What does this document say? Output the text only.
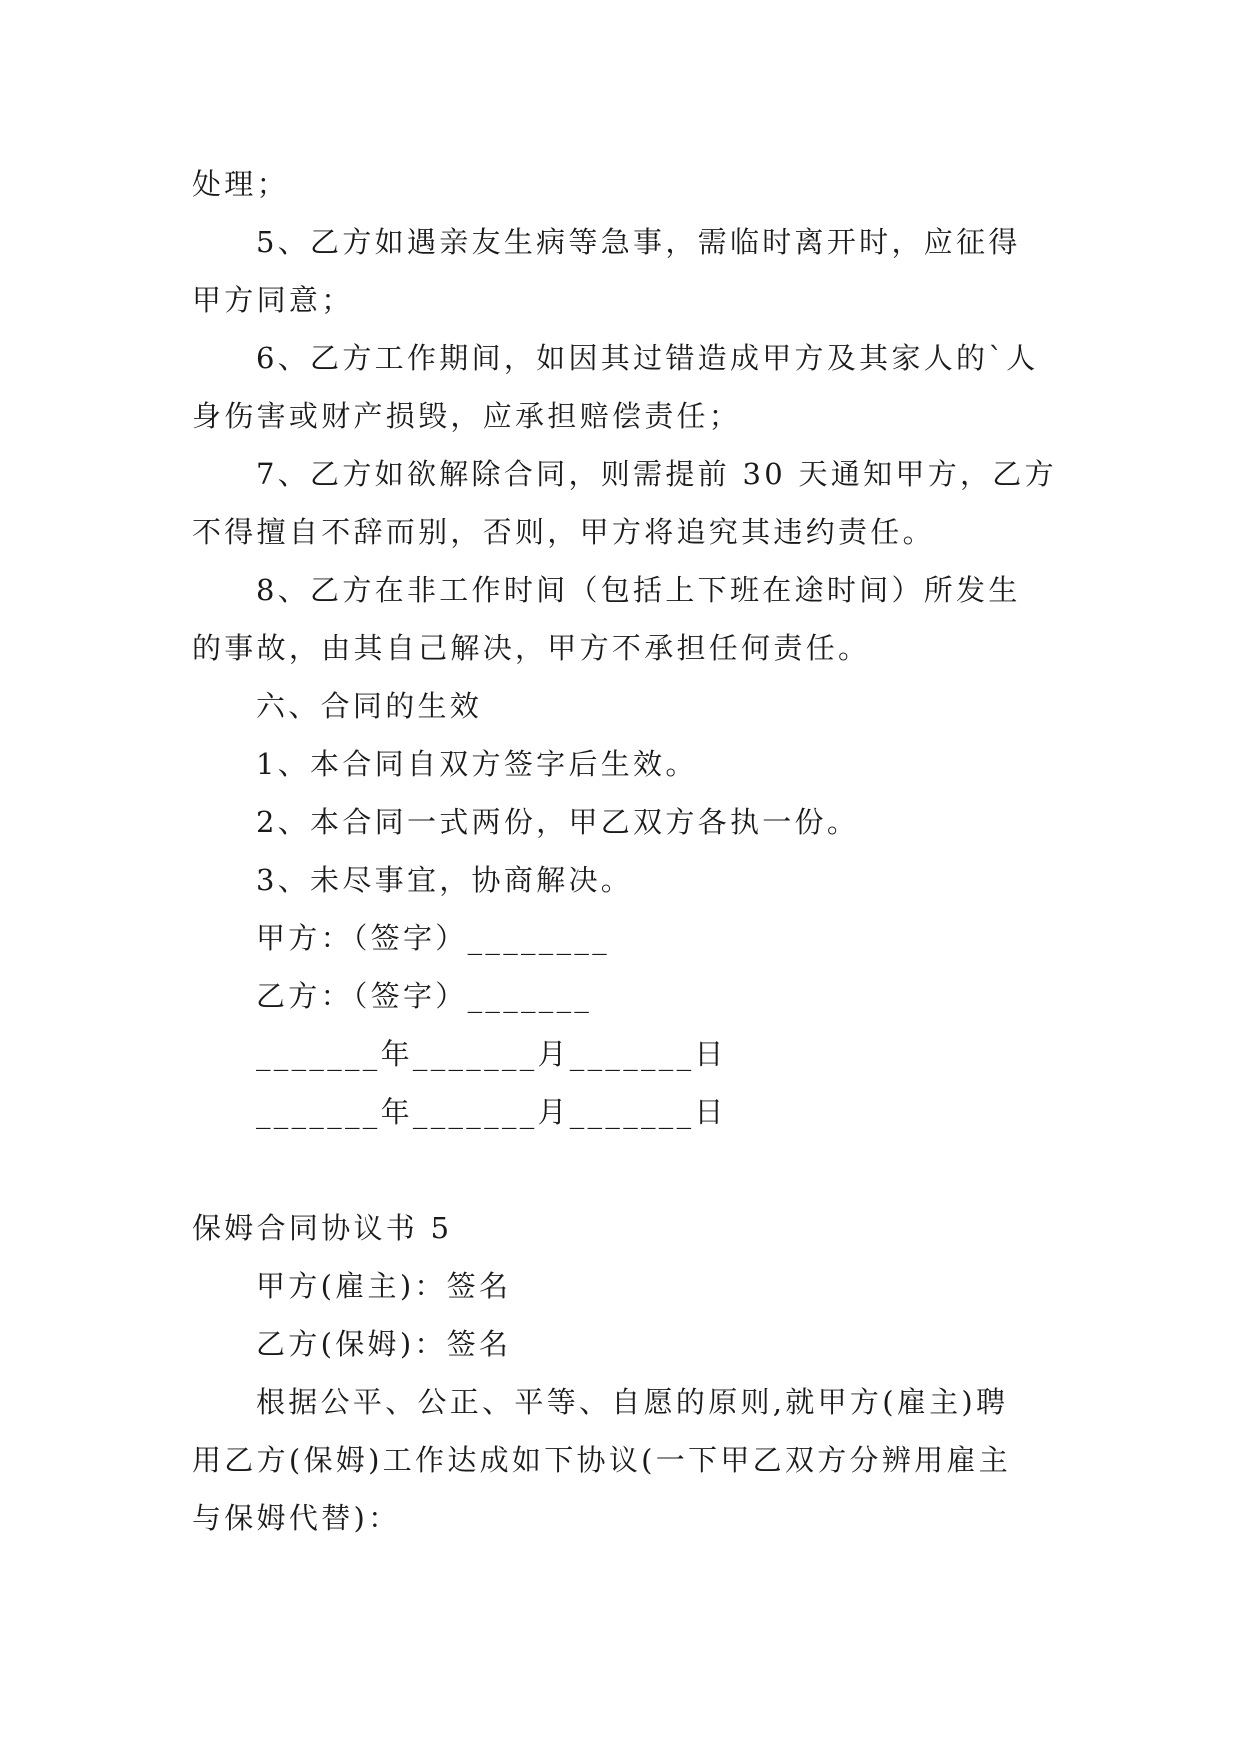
处理；
5、乙方如遇亲友生病等急事，需临时离开时，应征得
甲方同意；
6、乙方工作期间，如因其过错造成甲方及其家人的`人
身伤害或财产损毁，应承担赔偿责任；
7、乙方如欲解除合同，则需提前 30 天通知甲方，乙方
不得擅自不辞而别，否则，甲方将追究其违约责任。
8、乙方在非工作时间（包括上下班在途时间）所发生
的事故，由其自己解决，甲方不承担任何责任。
六、合同的生效
1、本合同自双方签字后生效。
2、本合同一式两份，甲乙双方各执一份。
3、未尽事宜，协商解决。
甲方：（签字）________
乙方：（签字）_______
_______年_______月_______日
_______年_______月_______日
保姆合同协议书 5
甲方(雇主)：签名
乙方(保姆)：签名
根据公平、公正、平等、自愿的原则,就甲方(雇主)聘
用乙方(保姆)工作达成如下协议(一下甲乙双方分辨用雇主
与保姆代替)：
